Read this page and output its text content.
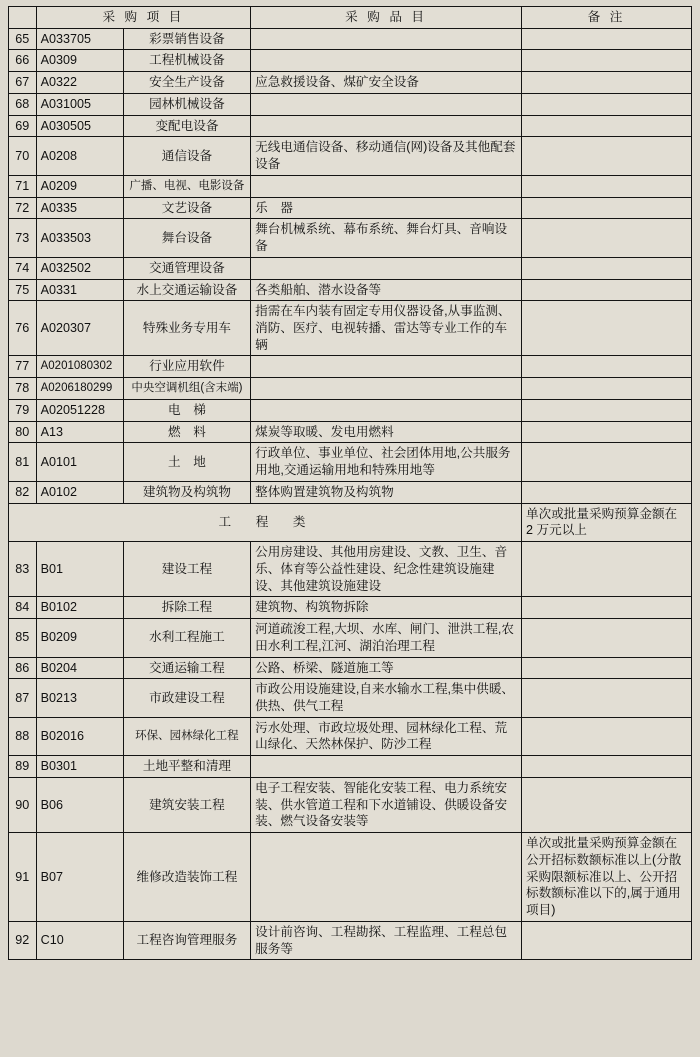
	采 购 项 目		采 购 品 目	备 注
65	A033705	彩票销售设备		
66	A0309	工程机械设备		
67	A0322	安全生产设备	应急救援设备、煤矿安全设备	
68	A031005	园林机械设备		
69	A030505	变配电设备		
70	A0208	通信设备	无线电通信设备、移动通信(网)设备及其他配套设备	
71	A0209	广播、电视、电影设备		
72	A0335	文艺设备	乐　器	
73	A033503	舞台设备	舞台机械系统、幕布系统、舞台灯具、音响设备	
74	A032502	交通管理设备		
75	A0331	水上交通运输设备	各类船舶、潜水设备等	
76	A020307	特殊业务专用车	指需在车内装有固定专用仪器设备,从事监测、消防、医疗、电视转播、雷达等专业工作的车辆	
77	A0201080302	行业应用软件		
78	A0206180299	中央空调机组(含末端)		
79	A02051228	电　梯		
80	A13	燃　料	煤炭等取暖、发电用燃料	
81	A0101	土　地	行政单位、事业单位、社会团体用地,公共服务用地,交通运输用地和特殊用地等	
82	A0102	建筑物及构筑物	整体购置建筑物及构筑物	
工　程　类				单次或批量采购预算金额在 2 万元以上
83	B01	建设工程	公用房建设、其他用房建设、文教、卫生、音乐、体育等公益性建设、纪念性建筑设施建设、其他建筑设施建设	
84	B0102	拆除工程	建筑物、构筑物拆除	
85	B0209	水利工程施工	河道疏浚工程,大坝、水库、闸门、泄洪工程,农田水利工程,江河、湖泊治理工程	
86	B0204	交通运输工程	公路、桥梁、隧道施工等	
87	B0213	市政建设工程	市政公用设施建设,自来水输水工程,集中供暖、供热、供气工程	
88	B02016	环保、园林绿化工程	污水处理、市政垃圾处理、园林绿化工程、荒山绿化、天然林保护、防沙工程	
89	B0301	土地平整和清理		
90	B06	建筑安装工程	电子工程安装、智能化安装工程、电力系统安装、供水管道工程和下水道铺设、供暖设备安装、燃气设备安装等	
91	B07	维修改造装饰工程		单次或批量采购预算金额在公开招标数额标准以上(分散采购限额标准以上、公开招标数额标准以下的,属于通用项目)
92	C10	工程咨询管理服务	设计前咨询、工程勘探、工程监理、工程总包服务等	
